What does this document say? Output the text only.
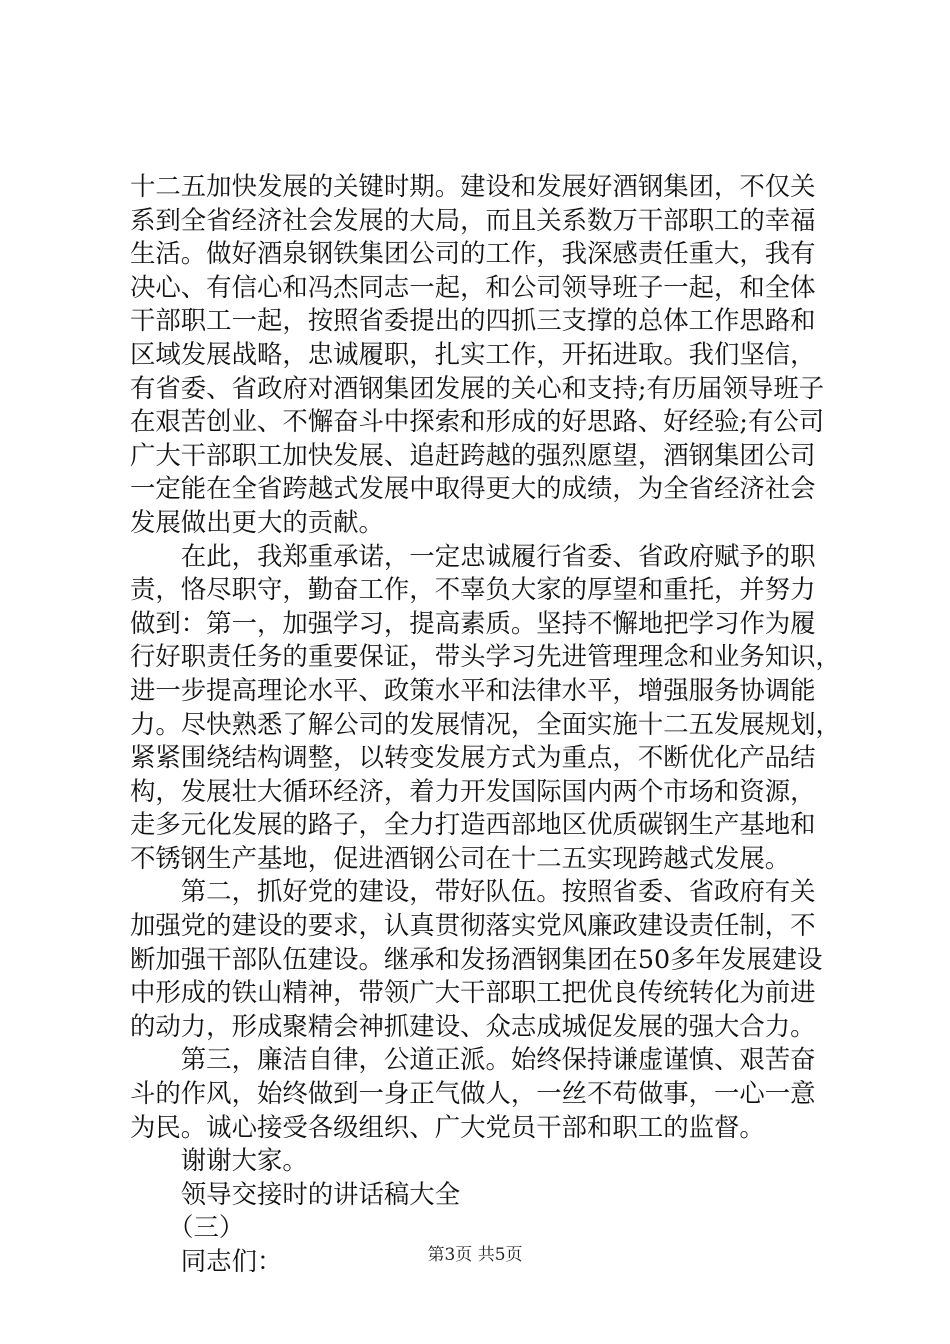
十二五加快发展的关键时期。建设和发展好酒钢集团，不仅关
系到全省经济社会发展的大局，而且关系数万干部职工的幸福
生活。做好酒泉钢铁集团公司的工作，我深感责任重大，我有
决心、有信心和冯杰同志一起，和公司领导班子一起，和全体
干部职工一起，按照省委提出的四抓三支撑的总体工作思路和
区域发展战略，忠诚履职，扎实工作，开拓进取。我们坚信，
有省委、省政府对酒钢集团发展的关心和支持;有历届领导班子
在艰苦创业、不懈奋斗中探索和形成的好思路、好经验;有公司
广大干部职工加快发展、追赶跨越的强烈愿望，酒钢集团公司
一定能在全省跨越式发展中取得更大的成绩，为全省经济社会
发展做出更大的贡献。
　　在此，我郑重承诺，一定忠诚履行省委、省政府赋予的职
责，恪尽职守，勤奋工作，不辜负大家的厚望和重托，并努力
做到：第一，加强学习，提高素质。坚持不懈地把学习作为履
行好职责任务的重要保证，带头学习先进管理理念和业务知识，
进一步提高理论水平、政策水平和法律水平，增强服务协调能
力。尽快熟悉了解公司的发展情况，全面实施十二五发展规划，
紧紧围绕结构调整，以转变发展方式为重点，不断优化产品结
构，发展壮大循环经济，着力开发国际国内两个市场和资源，
走多元化发展的路子，全力打造西部地区优质碳钢生产基地和
不锈钢生产基地，促进酒钢公司在十二五实现跨越式发展。
　　第二，抓好党的建设，带好队伍。按照省委、省政府有关
加强党的建设的要求，认真贯彻落实党风廉政建设责任制，不
断加强干部队伍建设。继承和发扬酒钢集团在50多年发展建设
中形成的铁山精神，带领广大干部职工把优良传统转化为前进
的动力，形成聚精会神抓建设、众志成城促发展的强大合力。
　　第三，廉洁自律，公道正派。始终保持谦虚谨慎、艰苦奋
斗的作风，始终做到一身正气做人，一丝不苟做事，一心一意
为民。诚心接受各级组织、广大党员干部和职工的监督。
　　谢谢大家。
　　领导交接时的讲话稿大全
　　（三）
　　同志们：	第3页 共5页
